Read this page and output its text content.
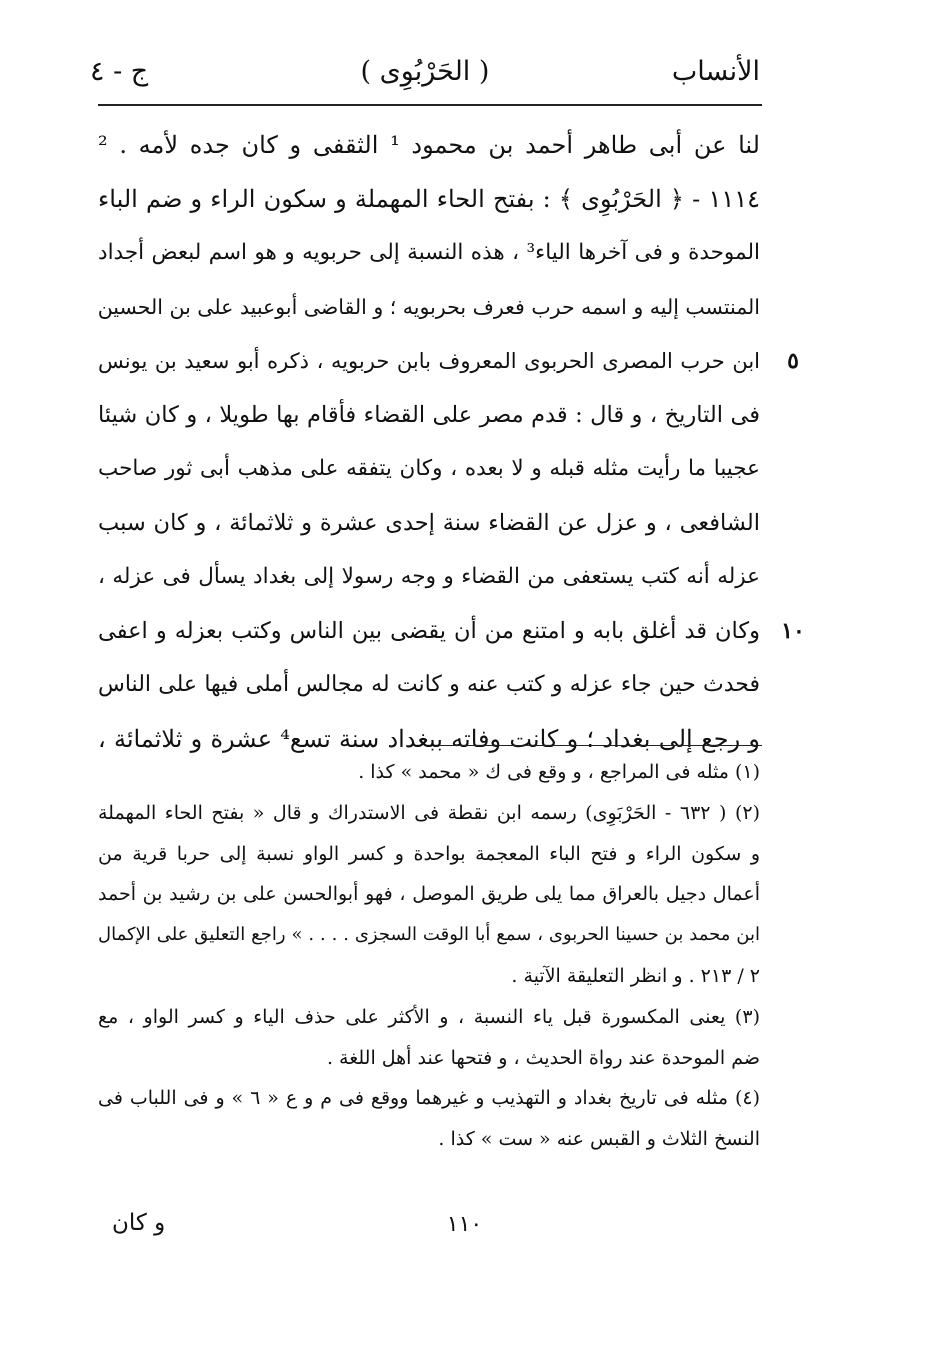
الأنساب
( الحَرْبُوِى )
ج - ٤
لنا عن أبى طاهر أحمد بن محمود ¹ الثقفى و كان جده لأمه . ²
١١١٤ - ﴿ الحَرْبُوِى ﴾ : بفتح الحاء المهملة و سكون الراء و ضم الباء
الموحدة و فى آخرها الياء³ ، هذه النسبة إلى حربويه و هو اسم لبعض أجداد
المنتسب إليه و اسمه حرب فعرف بحربويه ؛ و القاضى أبوعبيد على بن الحسين
ابن حرب المصرى الحربوى المعروف بابن حربويه ، ذكره أبو سعيد بن يونس
فى التاريخ ، و قال : قدم مصر على القضاء فأقام بها طويلا ، و كان شيئا
عجيبا ما رأيت مثله قبله و لا بعده ، وكان يتفقه على مذهب أبى ثور صاحب
الشافعى ، و عزل عن القضاء سنة إحدى عشرة و ثلاثمائة ، و كان سبب
عزله أنه كتب يستعفى من القضاء و وجه رسولا إلى بغداد يسأل فى عزله ،
وكان قد أغلق بابه و امتنع من أن يقضى بين الناس وكتب بعزله و اعفى
فحدث حين جاء عزله و كتب عنه و كانت له مجالس أملى فيها على الناس
و رجع إلى بغداد ؛ و كانت وفاته ببغداد سنة تسع⁴ عشرة و ثلاثمائة ،
٥
١٠
(١) مثله فى المراجع ، و وقع فى ك « محمد » كذا .
(٢) ( ٦٣٢ - الحَرْبَوِى) رسمه ابن نقطة فى الاستدراك و قال « بفتح الحاء المهملة
و سكون الراء و فتح الباء المعجمة بواحدة و كسر الواو نسبة إلى حربا قرية من
أعمال دجيل بالعراق مما يلى طريق الموصل ، فهو أبوالحسن على بن رشيد بن أحمد
ابن محمد بن حسينا الحربوى ، سمع أبا الوقت السجزى . . . . » راجع التعليق على الإكمال
٢ / ٢١٣ . و انظر التعليقة الآتية .
(٣) يعنى المكسورة قبل ياء النسبة ، و الأكثر على حذف الياء و كسر الواو ، مع
ضم الموحدة عند رواة الحديث ، و فتحها عند أهل اللغة .
(٤) مثله فى تاريخ بغداد و التهذيب و غيرهما ووقع فى م و ع « ٦ » و فى اللباب فى
النسخ الثلاث و القبس عنه « ست » كذا .
١١٠
و كان
